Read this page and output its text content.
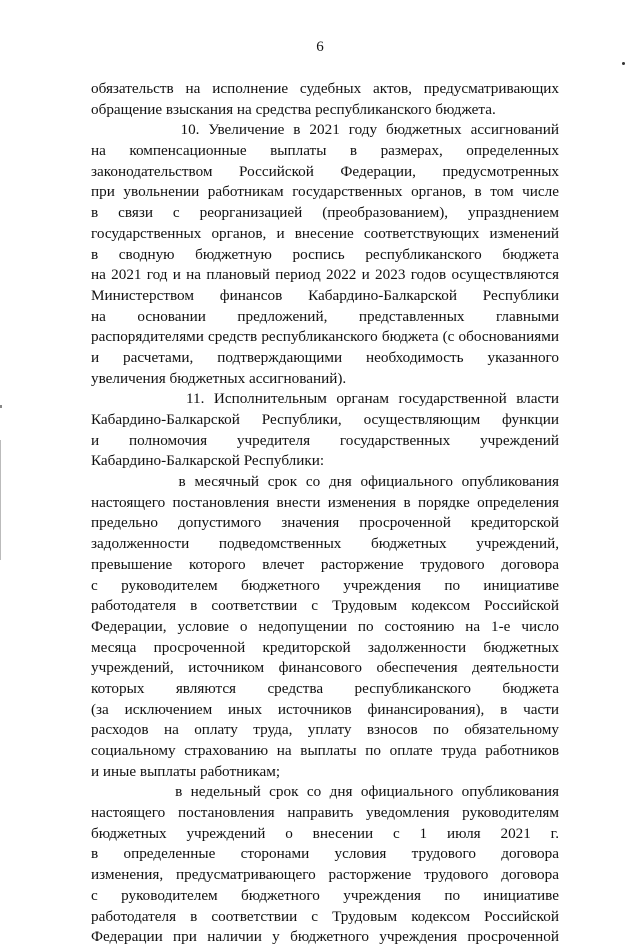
6
обязательств на исполнение судебных актов, предусматривающих
обращение взыскания на средства республиканского бюджета.
10. Увеличение в 2021 году бюджетных ассигнований
на компенсационные выплаты в размерах, определенных
законодательством Российской Федерации, предусмотренных
при увольнении работникам государственных органов, в том числе
в связи с реорганизацией (преобразованием), упразднением
государственных органов, и внесение соответствующих изменений
в сводную бюджетную роспись республиканского бюджета
на 2021 год и на плановый период 2022 и 2023 годов осуществляются
Министерством финансов Кабардино-Балкарской Республики
на основании предложений, представленных главными
распорядителями средств республиканского бюджета (с обоснованиями
и расчетами, подтверждающими необходимость указанного
увеличения бюджетных ассигнований).
11. Исполнительным органам государственной власти
Кабардино-Балкарской Республики, осуществляющим функции
и полномочия учредителя государственных учреждений
Кабардино-Балкарской Республики:
в месячный срок со дня официального опубликования
настоящего постановления внести изменения в порядке определения
предельно допустимого значения просроченной кредиторской
задолженности подведомственных бюджетных учреждений,
превышение которого влечет расторжение трудового договора
с руководителем бюджетного учреждения по инициативе
работодателя в соответствии с Трудовым кодексом Российской
Федерации, условие о недопущении по состоянию на 1-е число
месяца просроченной кредиторской задолженности бюджетных
учреждений, источником финансового обеспечения деятельности
которых являются средства республиканского бюджета
(за исключением иных источников финансирования), в части
расходов на оплату труда, уплату взносов по обязательному
социальному страхованию на выплаты по оплате труда работников
и иные выплаты работникам;
в недельный срок со дня официального опубликования
настоящего постановления направить уведомления руководителям
бюджетных учреждений о внесении с 1 июля 2021 г.
в определенные сторонами условия трудового договора
изменения, предусматривающего расторжение трудового договора
с руководителем бюджетного учреждения по инициативе
работодателя в соответствии с Трудовым кодексом Российской
Федерации при наличии у бюджетного учреждения просроченной
